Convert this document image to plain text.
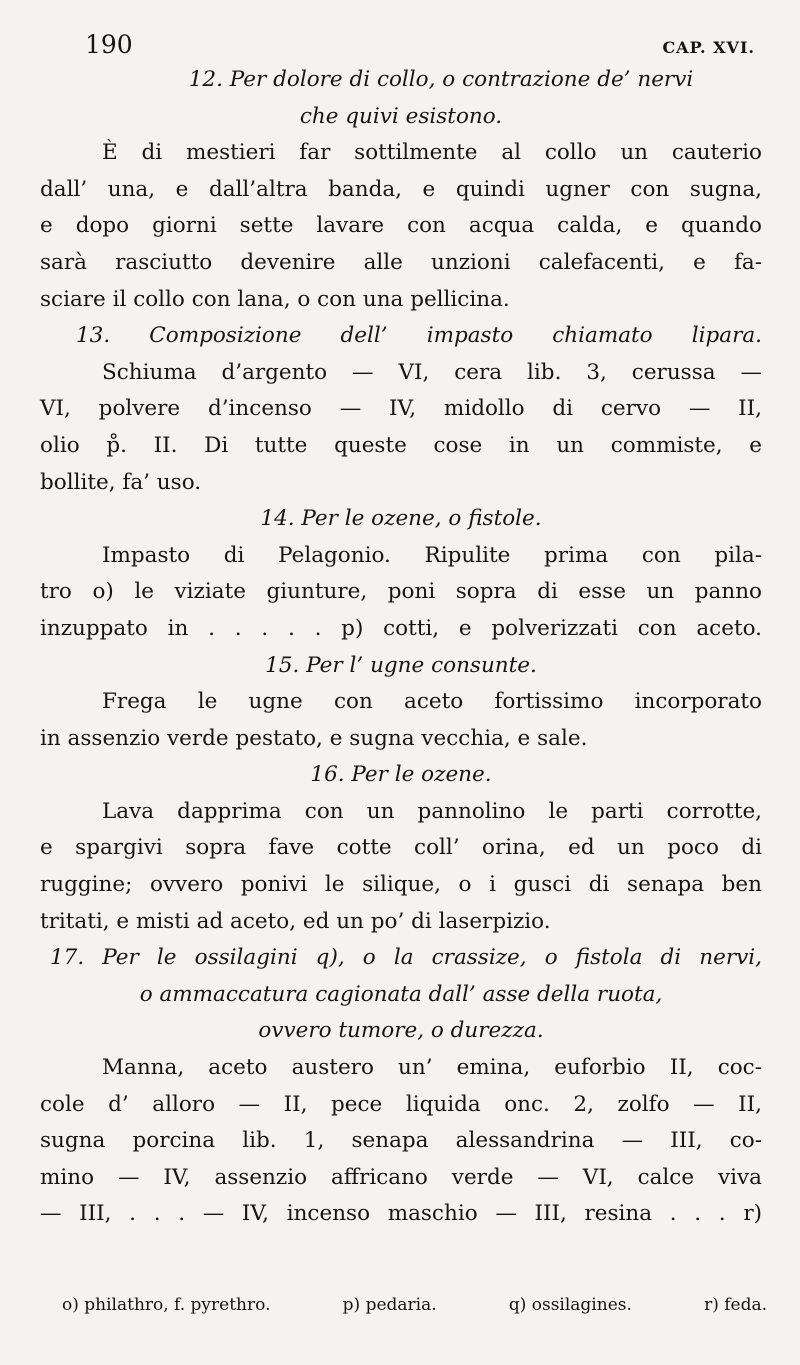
190	CAP. XVI.
12. Per dolore di collo, o contrazione de’ nervi
che quivi esistono.
È di mestieri far sottilmente al collo un cauterio
dall’ una, e dall’altra banda, e quindi ugner con sugna,
e dopo giorni sette lavare con acqua calda, e quando
sarà rasciutto devenire alle unzioni calefacenti, e fa-
sciare il collo con lana, o con una pellicina.
13. Composizione dell’ impasto chiamato lipara.
Schiuma d’argento — VI, cera lib. 3, cerussa —
VI, polvere d’incenso — IV, midollo di cervo — II,
olio p̊. II. Di tutte queste cose in un commiste, e
bollite, fa’ uso.
14. Per le ozene, o fistole.
Impasto di Pelagonio. Ripulite prima con pila-
tro o) le viziate giunture, poni sopra di esse un panno
inzuppato in . . . . . p) cotti, e polverizzati con aceto.
15. Per l’ ugne consunte.
Frega le ugne con aceto fortissimo incorporato
in assenzio verde pestato, e sugna vecchia, e sale.
16. Per le ozene.
Lava dapprima con un pannolino le parti corrotte,
e spargivi sopra fave cotte coll’ orina, ed un poco di
ruggine; ovvero ponivi le silique, o i gusci di senapa ben
tritati, e misti ad aceto, ed un po’ di laserpizio.
17. Per le ossilagini q), o la crassize, o fistola di nervi,
o ammaccatura cagionata dall’ asse della ruota,
ovvero tumore, o durezza.
Manna, aceto austero un’ emina, euforbio II, coc-
cole d’ alloro — II, pece liquida onc. 2, zolfo — II,
sugna porcina lib. 1, senapa alessandrina — III, co-
mino — IV, assenzio affricano verde — VI, calce viva
— III, . . . — IV, incenso maschio — III, resina . . . r)
o) philathro, f. pyrethro.	p) pedaria.	q) ossilagines.	r) feda.
